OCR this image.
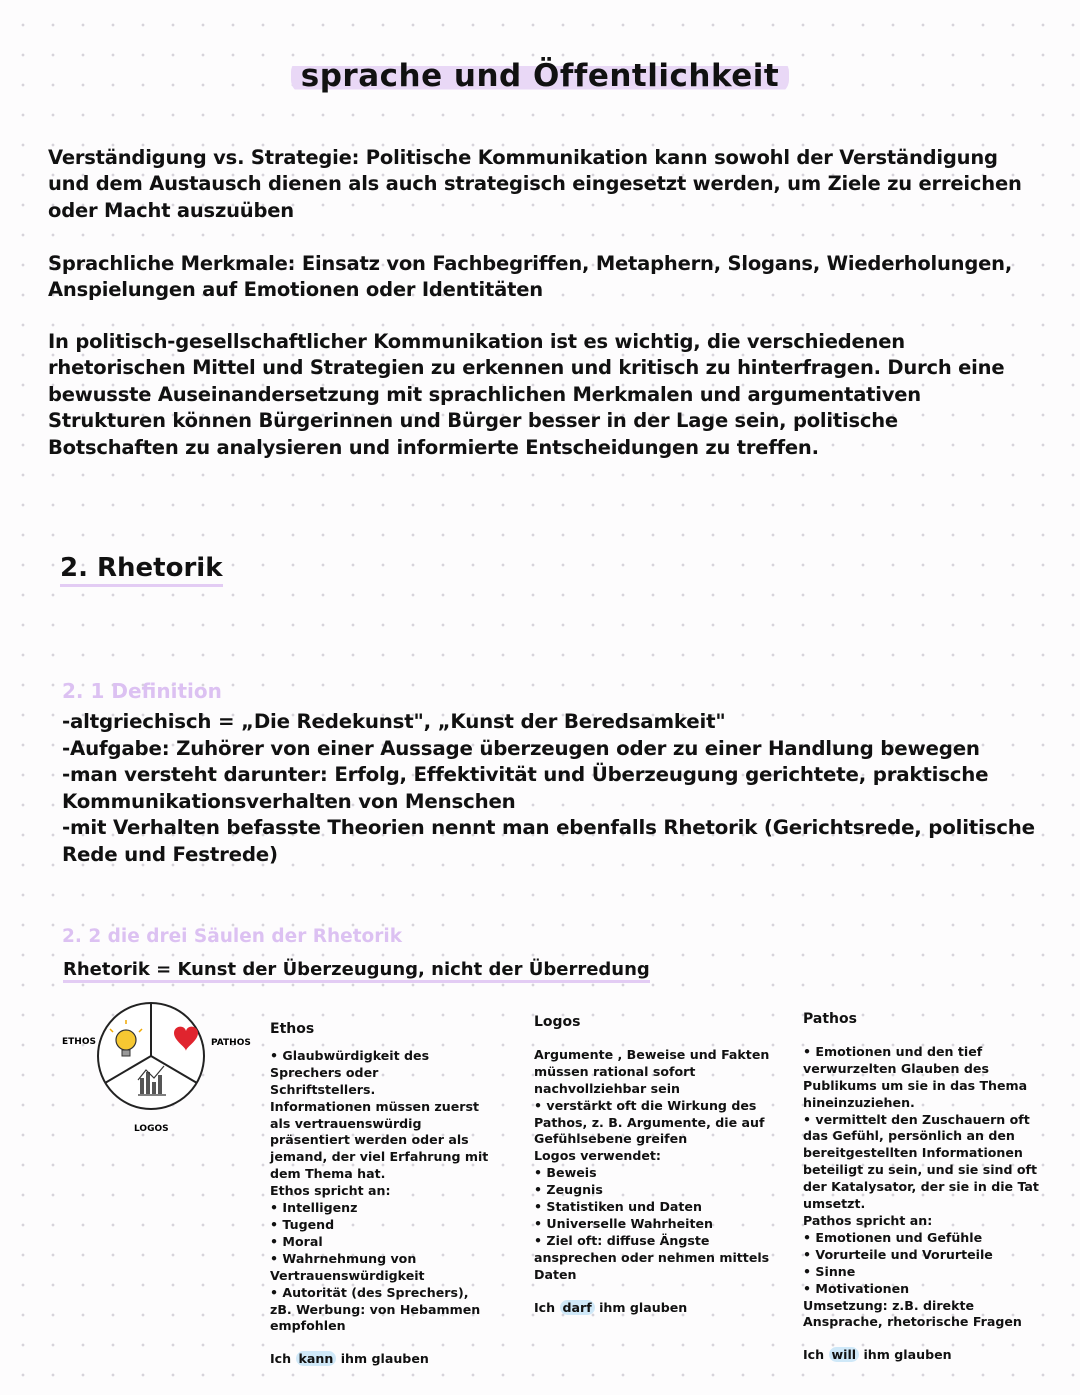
sprache und Öffentlichkeit
Verständigung vs. Strategie: Politische Kommunikation kann sowohl der Verständigung
und dem Austausch dienen als auch strategisch eingesetzt werden, um Ziele zu erreichen
oder Macht auszuüben
Sprachliche Merkmale: Einsatz von Fachbegriffen, Metaphern, Slogans, Wiederholungen,
Anspielungen auf Emotionen oder Identitäten
In politisch-gesellschaftlicher Kommunikation ist es wichtig, die verschiedenen
rhetorischen Mittel und Strategien zu erkennen und kritisch zu hinterfragen. Durch eine
bewusste Auseinandersetzung mit sprachlichen Merkmalen und argumentativen
Strukturen können Bürgerinnen und Bürger besser in der Lage sein, politische
Botschaften zu analysieren und informierte Entscheidungen zu treffen.
2. Rhetorik
2. 1 Definition
-altgriechisch = „Die Redekunst", „Kunst der Beredsamkeit"
-Aufgabe: Zuhörer von einer Aussage überzeugen oder zu einer Handlung bewegen
-man versteht darunter: Erfolg, Effektivität und Überzeugung gerichtete, praktische
Kommunikationsverhalten von Menschen
-mit Verhalten befasste Theorien nennt man ebenfalls Rhetorik (Gerichtsrede, politische
Rede und Festrede)
2. 2 die drei Säulen der Rhetorik
Rhetorik = Kunst der Überzeugung, nicht der Überredung
ETHOS	PATHOS
LOGOS
Ethos
• Glaubwürdigkeit des
Sprechers oder
Schriftstellers.
Informationen müssen zuerst
als vertrauenswürdig
präsentiert werden oder als
jemand, der viel Erfahrung mit
dem Thema hat.
Ethos spricht an:
• Intelligenz
• Tugend
• Moral
• Wahrnehmung von
Vertrauenswürdigkeit
• Autorität (des Sprechers),
zB. Werbung: von Hebammen
empfohlen
Ich kann ihm glauben
Logos
Argumente , Beweise und Fakten
müssen rational sofort
nachvollziehbar sein
• verstärkt oft die Wirkung des
Pathos, z. B. Argumente, die auf
Gefühlsebene greifen
Logos verwendet:
• Beweis
• Zeugnis
• Statistiken und Daten
• Universelle Wahrheiten
• Ziel oft: diffuse Ängste
ansprechen oder nehmen mittels
Daten
Ich darf ihm glauben
Pathos
• Emotionen und den tief
verwurzelten Glauben des
Publikums um sie in das Thema
hineinzuziehen.
• vermittelt den Zuschauern oft
das Gefühl, persönlich an den
bereitgestellten Informationen
beteiligt zu sein, und sie sind oft
der Katalysator, der sie in die Tat
umsetzt.
Pathos spricht an:
• Emotionen und Gefühle
• Vorurteile und Vorurteile
• Sinne
• Motivationen
Umsetzung: z.B. direkte
Ansprache, rhetorische Fragen
Ich will ihm glauben
